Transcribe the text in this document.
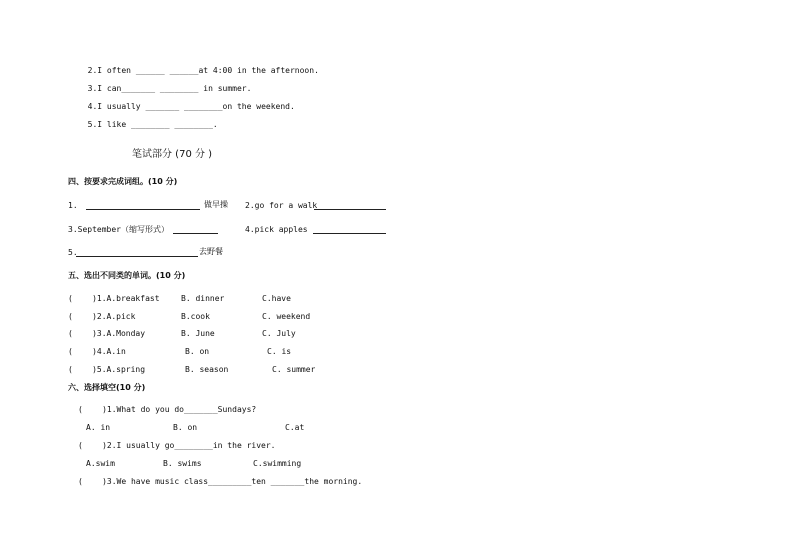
2.I often ______ ______at 4:00 in the afternoon.

3.I can_______ ________ in summer.

4.I usually _______ ________on the weekend.

5.I like ________ ________.

笔试部分 (70 分 )
四、按要求完成词组。(10 分)
1.	做早操 2.go for a walk
3.September（缩写形式）	4.pick apples
5.	去野餐
五、选出不同类的单词。(10 分)
(    )1.A.breakfast	B. dinner	C.have
(    )2.A.pick	B.cook	C. weekend
(    )3.A.Monday	B. June	C. July
(    )4.A.in	B. on	C. is
(    )5.A.spring	B. season	C. summer
六、选择填空(10 分)
(    )1.What do you do_______Sundays?
A. in	B. on	C.at
(    )2.I usually go________in the river.
A.swim	B. swims	C.swimming
(    )3.We have music class_________ten _______the morning.
